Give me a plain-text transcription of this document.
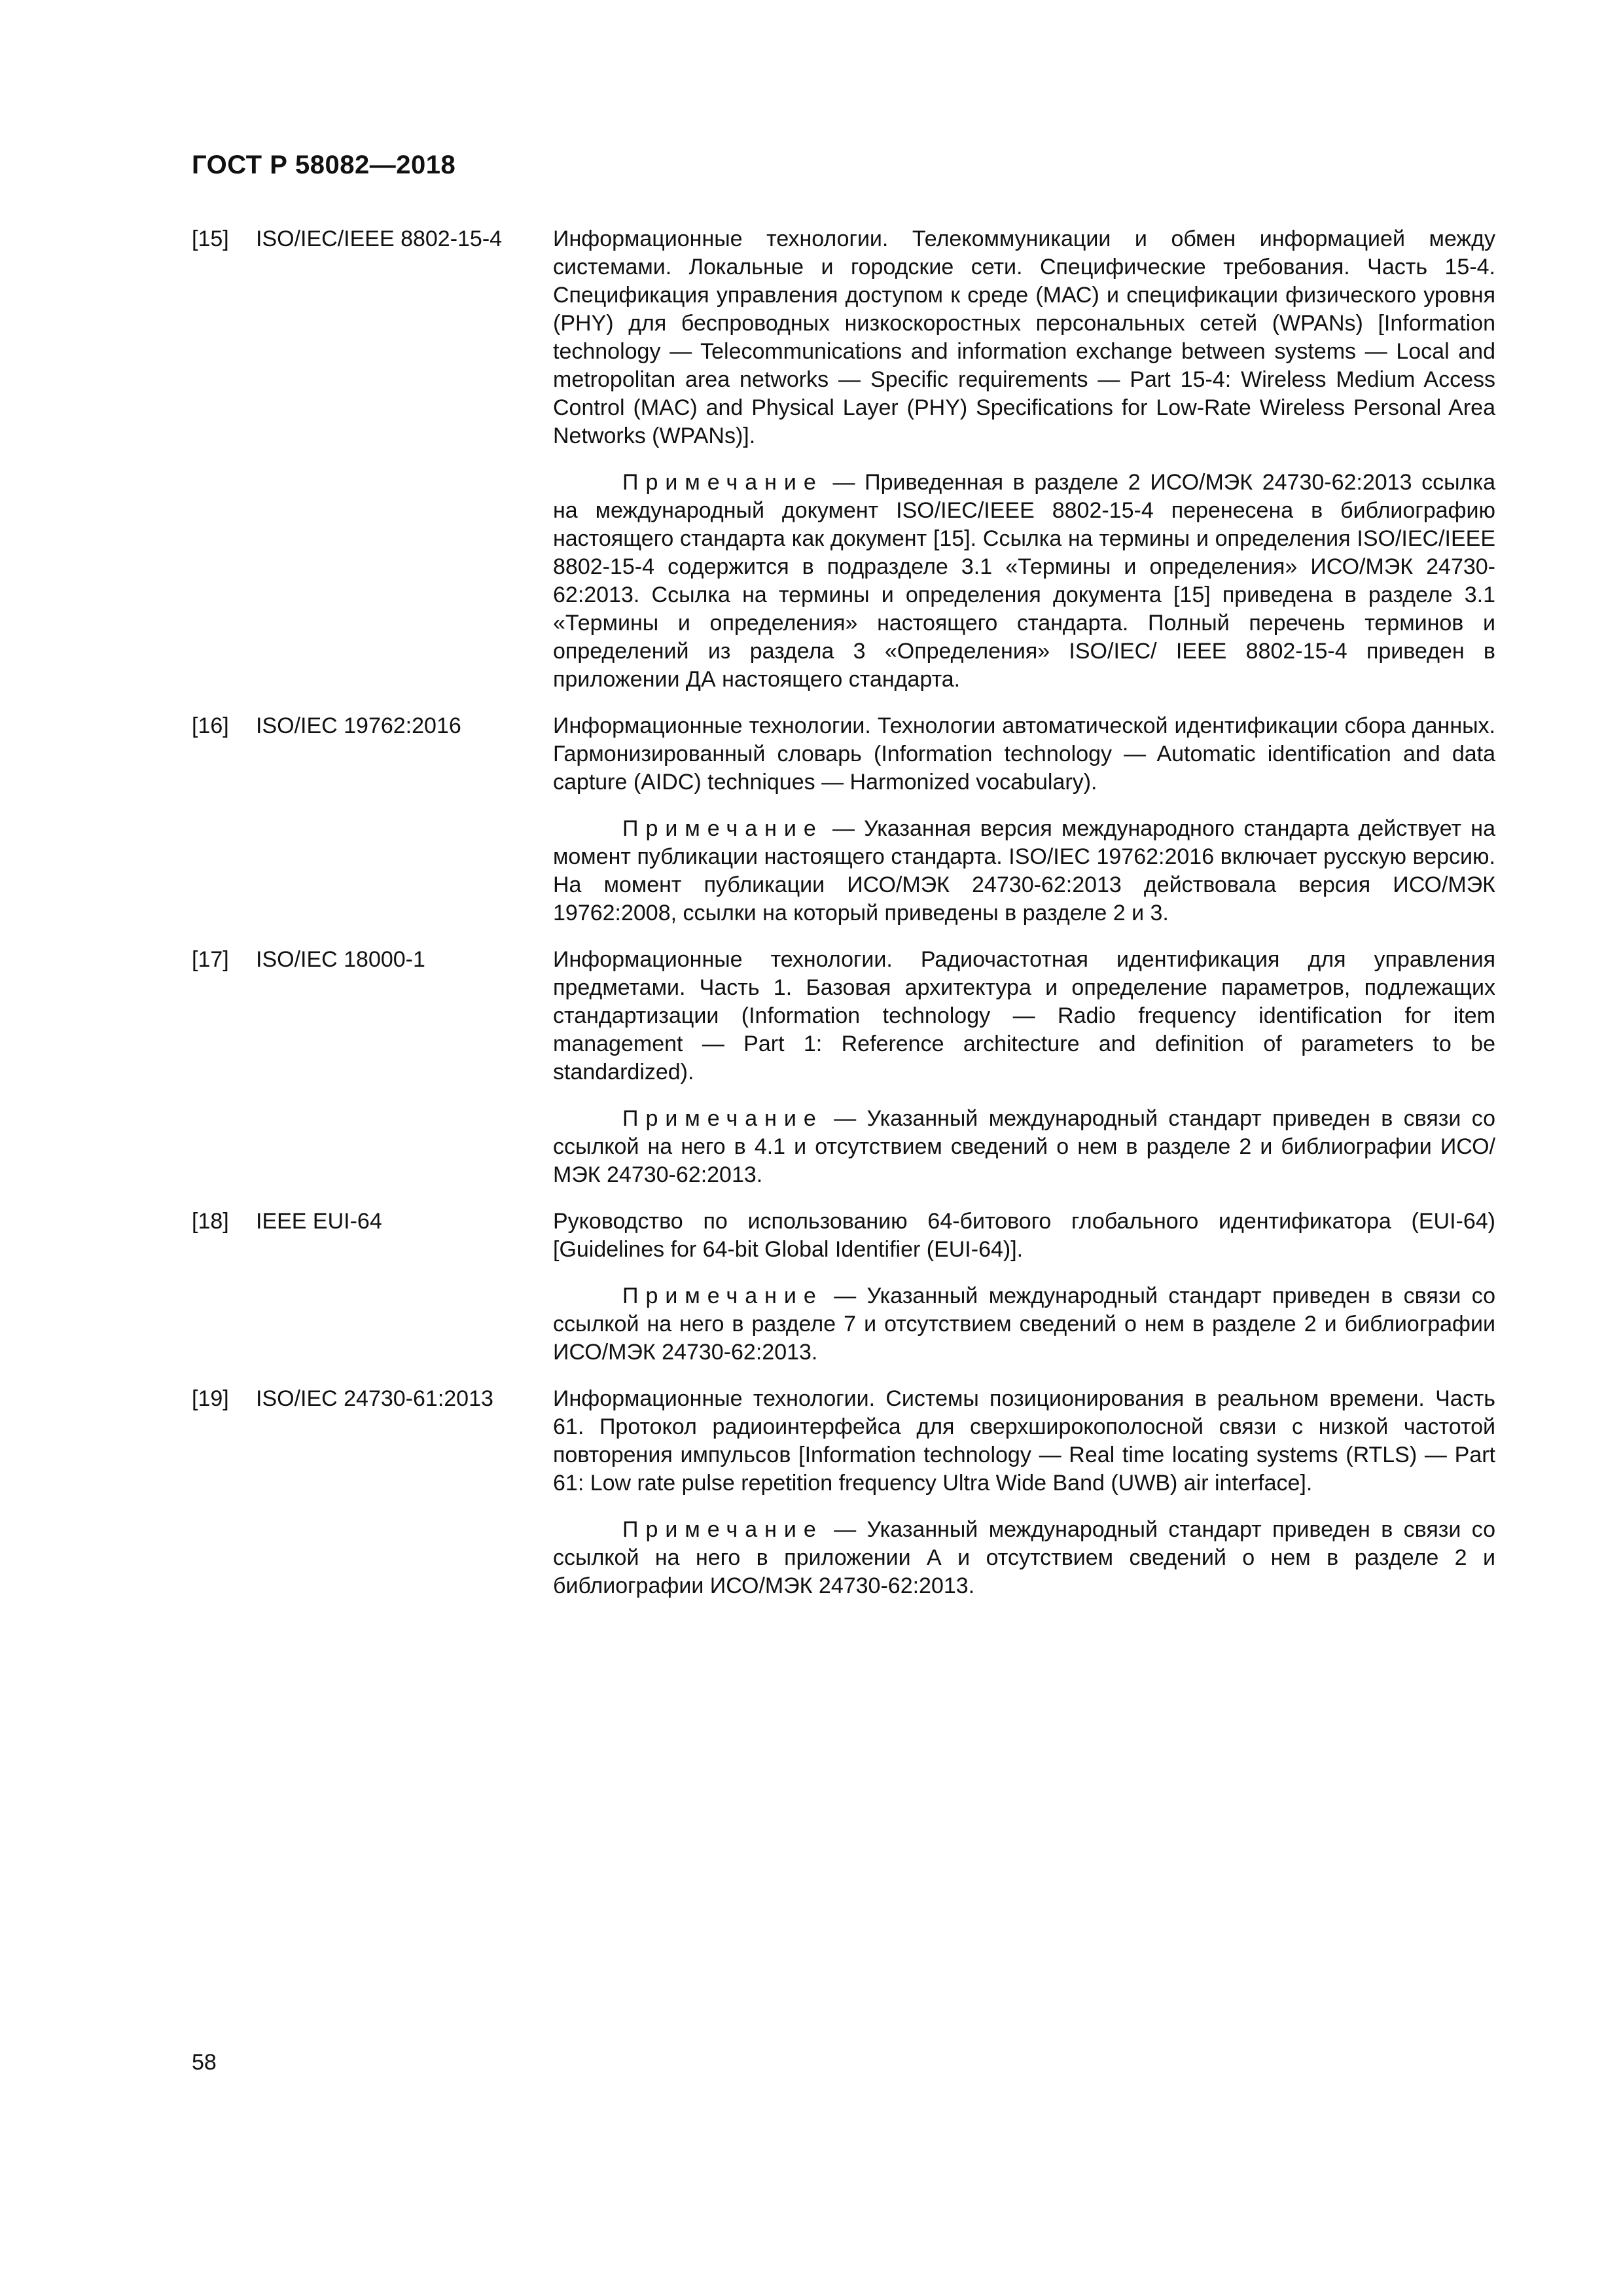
ГОСТ Р 58082—2018
[15]	ISO/IEC/IEEE 8802-15-4	Информационные технологии. Телекоммуникации и обмен информацией между системами. Локальные и городские сети. Специфические требования. Часть 15-4. Спецификация управления доступом к среде (МАС) и спецификации физического уровня (PHY) для беспроводных низкоскоростных персональных сетей (WPANs) [Information technology — Telecommunications and information exchange between systems — Local and metropolitan area networks — Specific requirements — Part 15-4: Wireless Medium Access Control (MAC) and Physical Layer (PHY) Specifications for Low-Rate Wireless Personal Area Networks (WPANs)].
Примечание — Приведенная в разделе 2 ИСО/МЭК 24730-62:2013 ссылка на международный документ ISO/IEC/IEEE 8802-15-4 перенесена в библиографию настоящего стандарта как документ [15]. Ссылка на термины и определения ISO/IEC/IEEE 8802-15-4 содержится в подразделе 3.1 «Термины и определения» ИСО/МЭК 24730-62:2013. Ссылка на термины и определения документа [15] приведена в разделе 3.1 «Термины и определения» настоящего стандарта. Полный перечень терминов и определений из раздела 3 «Определения» ISO/IEC/ IEEE 8802-15-4 приведен в приложении ДА настоящего стандарта.
[16]	ISO/IEC 19762:2016	Информационные технологии. Технологии автоматической идентификации сбора данных. Гармонизированный словарь (Information technology — Automatic identification and data capture (AIDC) techniques — Harmonized vocabulary).
Примечание — Указанная версия международного стандарта действует на момент публикации настоящего стандарта. ISO/IEC 19762:2016 включает русскую версию. На момент публикации ИСО/МЭК 24730-62:2013 действовала версия ИСО/МЭК 19762:2008, ссылки на который приведены в разделе 2 и 3.
[17]	ISO/IEC 18000-1	Информационные технологии. Радиочастотная идентификация для управления предметами. Часть 1. Базовая архитектура и определение параметров, подлежащих стандартизации (Information technology — Radio frequency identification for item management — Part 1: Reference architecture and definition of parameters to be standardized).
Примечание — Указанный международный стандарт приведен в связи со ссылкой на него в 4.1 и отсутствием сведений о нем в разделе 2 и библиографии ИСО/МЭК 24730-62:2013.
[18]	IEEE EUI-64	Руководство по использованию 64-битового глобального идентификатора (EUI-64) [Guidelines for 64-bit Global Identifier (EUI-64)].
Примечание — Указанный международный стандарт приведен в связи со ссылкой на него в разделе 7 и отсутствием сведений о нем в разделе 2 и библиографии ИСО/МЭК 24730-62:2013.
[19]	ISO/IEC 24730-61:2013	Информационные технологии. Системы позиционирования в реальном времени. Часть 61. Протокол радиоинтерфейса для сверхширокополосной связи с низкой частотой повторения импульсов [Information technology — Real time locating systems (RTLS) — Part 61: Low rate pulse repetition frequency Ultra Wide Band (UWB) air interface].
Примечание — Указанный международный стандарт приведен в связи со ссылкой на него в приложении А и отсутствием сведений о нем в разделе 2 и библиографии ИСО/МЭК 24730-62:2013.
58
